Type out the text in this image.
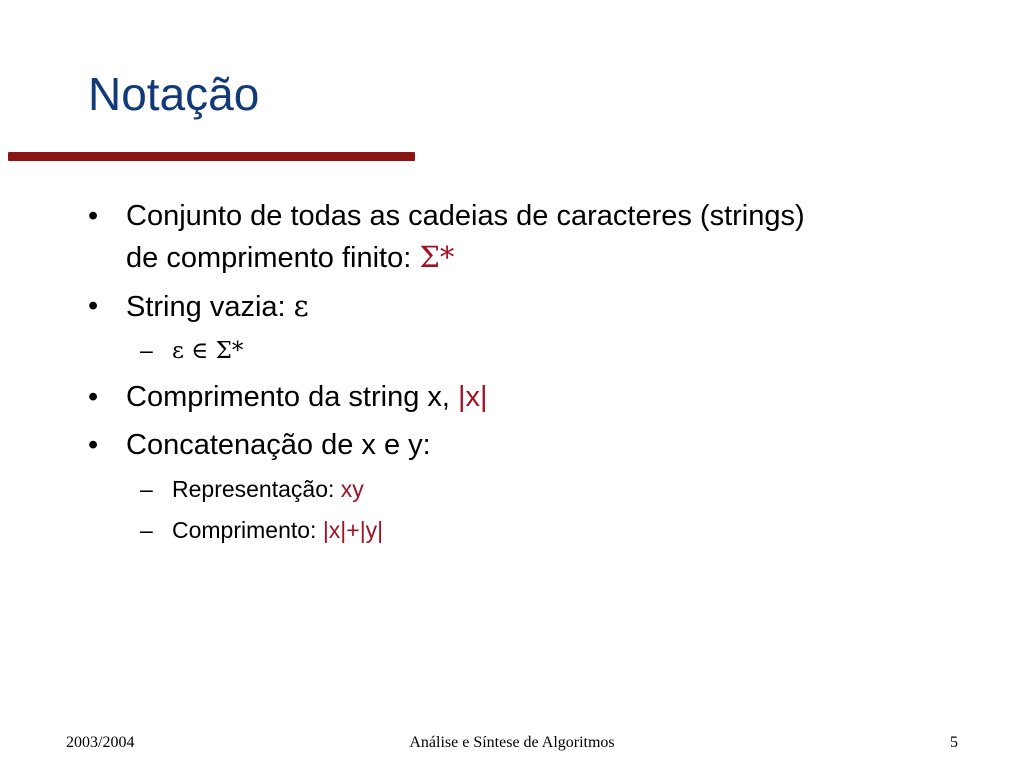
Notação
• Conjunto de todas as cadeias de caracteres (strings)
de comprimento finito: Σ*
• String vazia: ε
– ε ∈ Σ*
• Comprimento da string x, |x|
• Concatenação de x e y:
– Representação: xy
– Comprimento: |x|+|y|
2003/2004	Análise e Síntese de Algoritmos	5
